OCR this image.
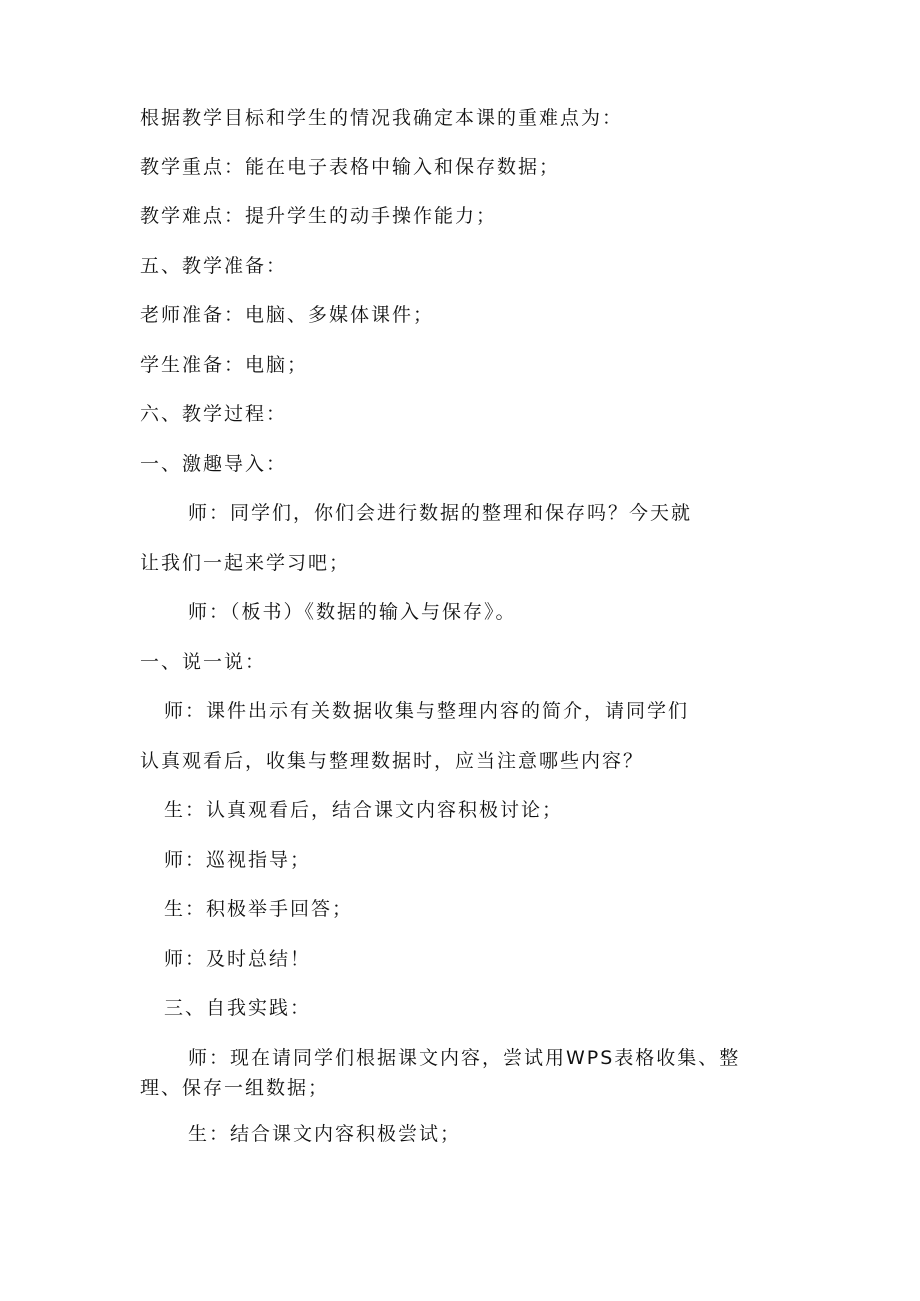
根据教学目标和学生的情况我确定本课的重难点为：
教学重点：能在电子表格中输入和保存数据；
教学难点：提升学生的动手操作能力；
五、教学准备：
老师准备：电脑、多媒体课件；
学生准备：电脑；
六、教学过程：
一、激趣导入：
师：同学们，你们会进行数据的整理和保存吗？今天就
让我们一起来学习吧；
师：（板书）《数据的输入与保存》。
一、说一说：
师：课件出示有关数据收集与整理内容的简介，请同学们
认真观看后，收集与整理数据时，应当注意哪些内容？
生：认真观看后，结合课文内容积极讨论；
师：巡视指导；
生：积极举手回答；
师：及时总结！
三、自我实践：
师：现在请同学们根据课文内容，尝试用WPS表格收集、整
理、保存一组数据；
生：结合课文内容积极尝试；
